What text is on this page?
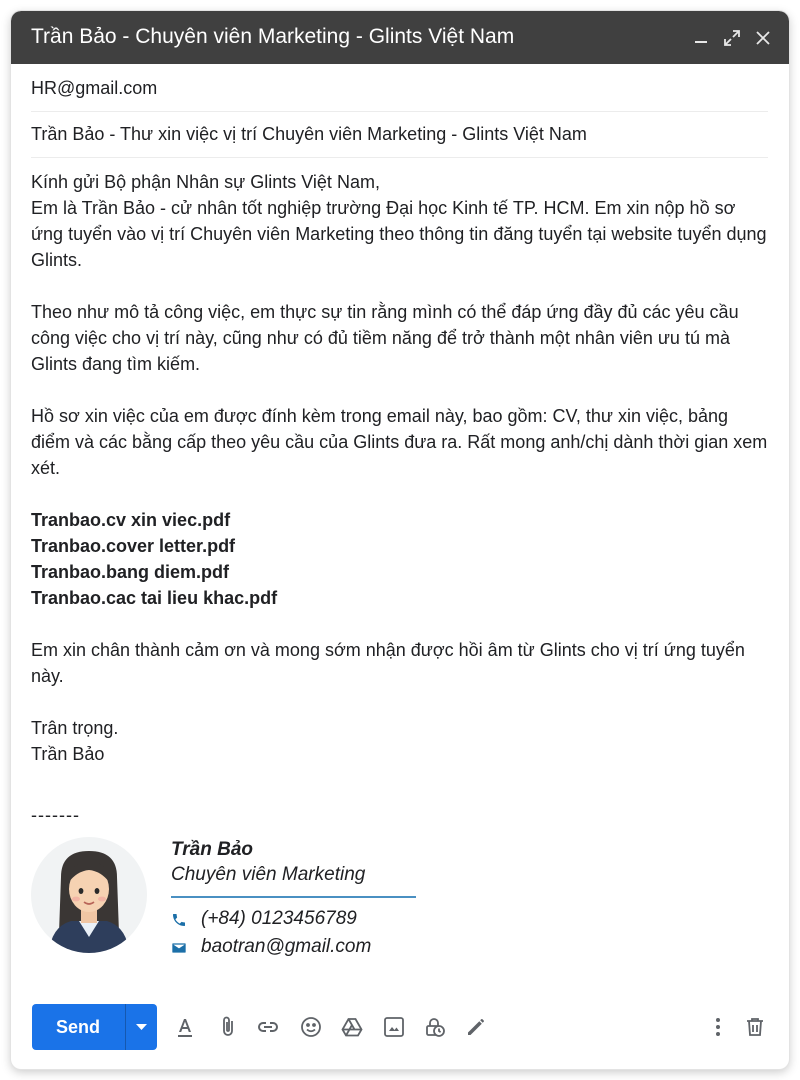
Trần Bảo - Chuyên viên Marketing - Glints Việt Nam
HR@gmail.com
Trần Bảo - Thư xin việc vị trí Chuyên viên Marketing - Glints Việt Nam

Kính gửi Bộ phận Nhân sự Glints Việt Nam,

Em là Trần Bảo - cử nhân tốt nghiệp trường Đại học Kinh tế TP. HCM. Em xin nộp hồ sơ ứng tuyển vào vị trí Chuyên viên Marketing theo thông tin đăng tuyển tại website tuyển dụng Glints.

Theo như mô tả công việc, em thực sự tin rằng mình có thể đáp ứng đầy đủ các yêu cầu công việc cho vị trí này, cũng như có đủ tiềm năng để trở thành một nhân viên ưu tú mà Glints đang tìm kiếm.

Hồ sơ xin việc của em được đính kèm trong email này, bao gồm: CV, thư xin việc, bảng điểm và các bằng cấp theo yêu cầu của Glints đưa ra. Rất mong anh/chị dành thời gian xem xét.

Tranbao.cv xin viec.pdf

Tranbao.cover letter.pdf

Tranbao.bang diem.pdf

Tranbao.cac tai lieu khac.pdf

Em xin chân thành cảm ơn và mong sớm nhận được hồi âm từ Glints cho vị trí ứng tuyển này.

Trân trọng.

Trần Bảo

-------
Trần Bảo
Chuyên viên Marketing
(+84) 0123456789
baotran@gmail.com
Send
